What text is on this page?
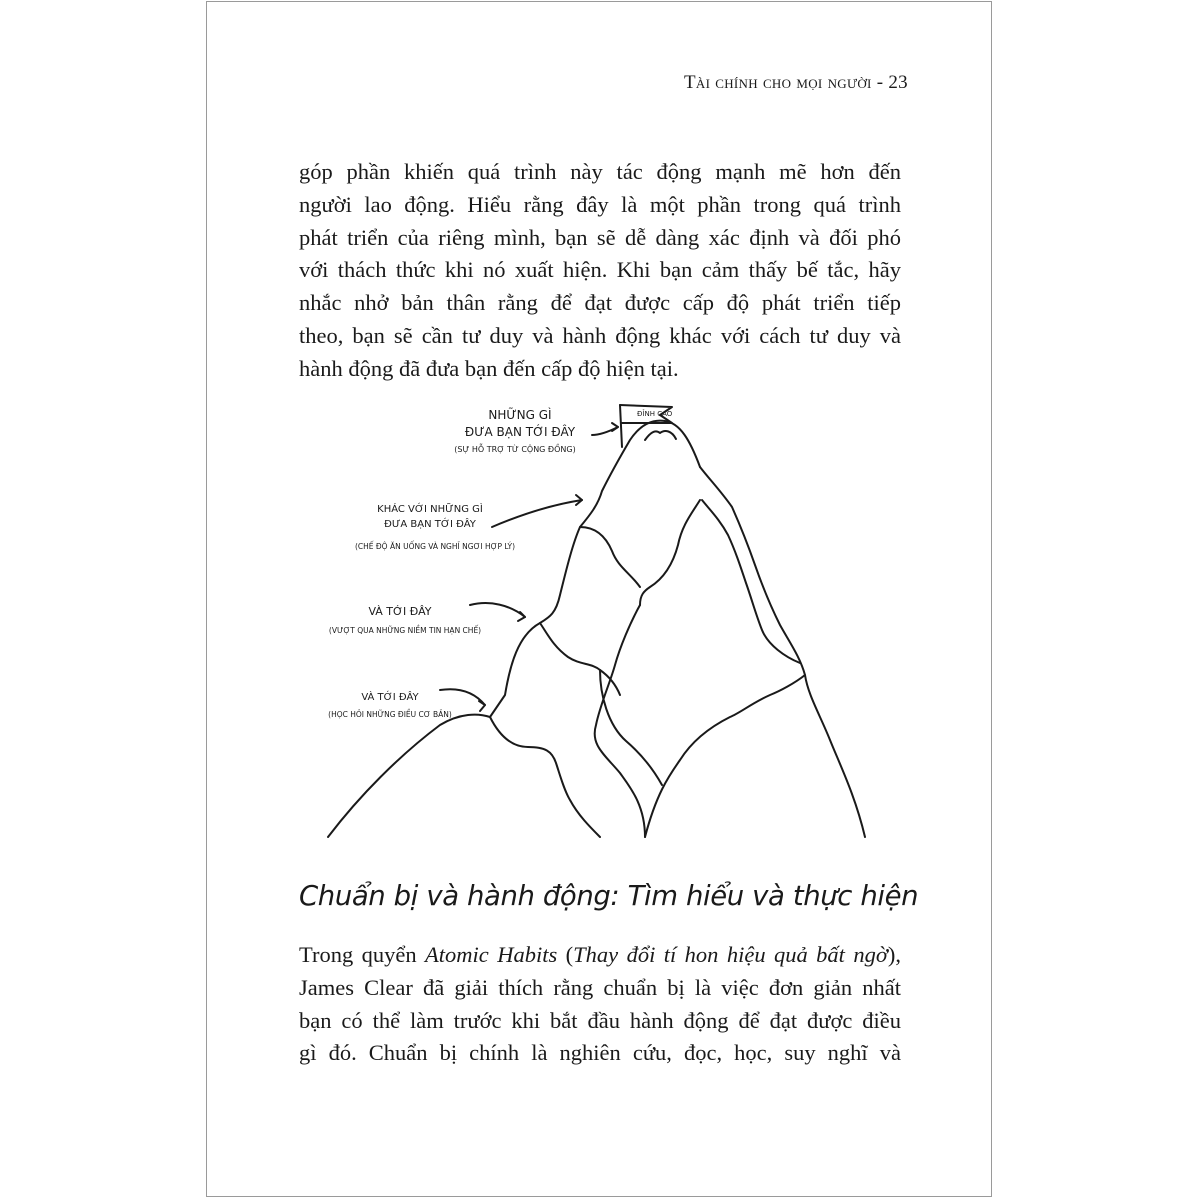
Tài chính cho mọi người - 23
góp phần khiến quá trình này tác động mạnh mẽ hơn đến
người lao động. Hiểu rằng đây là một phần trong quá trình
phát triển của riêng mình, bạn sẽ dễ dàng xác định và đối phó
với thách thức khi nó xuất hiện. Khi bạn cảm thấy bế tắc, hãy
nhắc nhở bản thân rằng để đạt được cấp độ phát triển tiếp
theo, bạn sẽ cần tư duy và hành động khác với cách tư duy và
hành động đã đưa bạn đến cấp độ hiện tại.
ĐỈNH CAO
NHỮNG GÌ
ĐƯA BẠN TỚI ĐÂY
(SỰ HỖ TRỢ TỪ CỘNG ĐỒNG)
KHÁC VỚI NHỮNG GÌ
ĐƯA BẠN TỚI ĐÂY
(CHẾ ĐỘ ĂN UỐNG VÀ NGHỈ NGƠI HỢP LÝ)
VÀ TỚI ĐÂY
(VƯỢT QUA NHỮNG NIỀM TIN HẠN CHẾ)
VÀ TỚI ĐÂY
(HỌC HỎI NHỮNG ĐIỀU CƠ BẢN)
Chuẩn bị và hành động: Tìm hiểu và thực hiện
Trong quyển Atomic Habits (Thay đổi tí hon hiệu quả bất ngờ),
James Clear đã giải thích rằng chuẩn bị là việc đơn giản nhất
bạn có thể làm trước khi bắt đầu hành động để đạt được điều
gì đó. Chuẩn bị chính là nghiên cứu, đọc, học, suy nghĩ và
